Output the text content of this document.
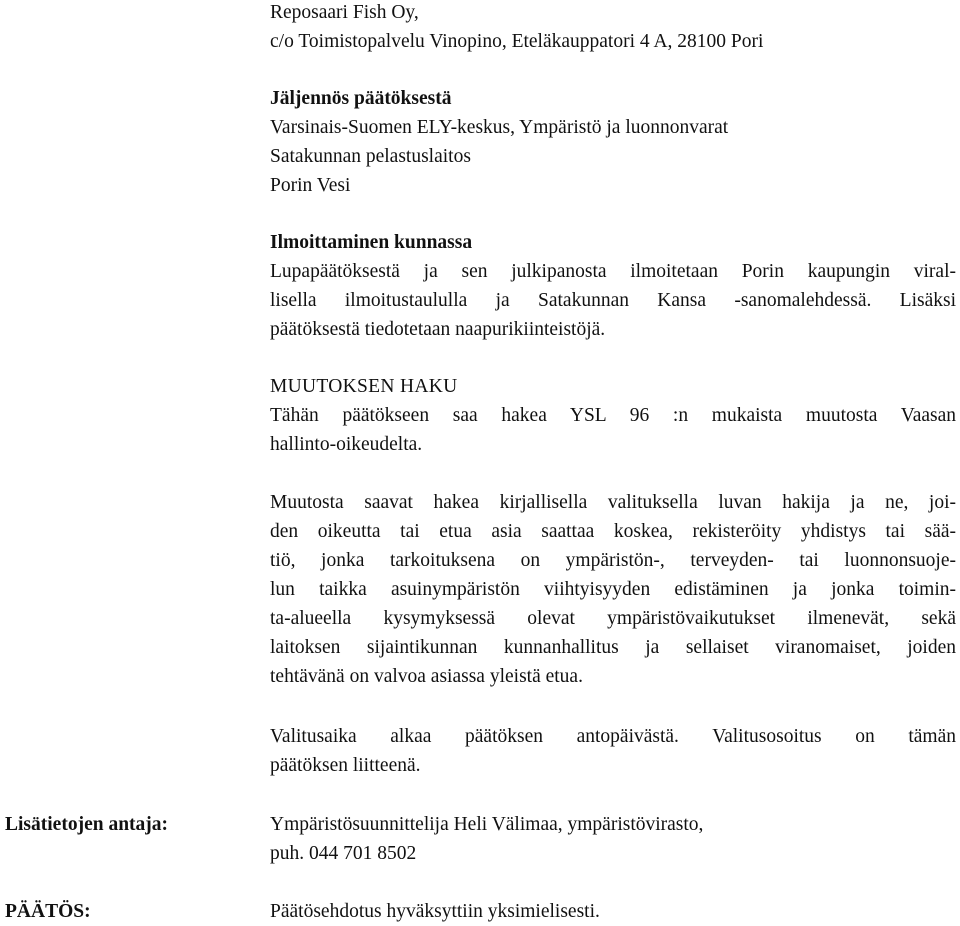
Reposaari Fish Oy,
c/o Toimistopalvelu Vinopino, Eteläkauppatori 4 A, 28100 Pori
Jäljennös päätöksestä
Varsinais-Suomen ELY-keskus, Ympäristö ja luonnonvarat
Satakunnan pelastuslaitos
Porin Vesi
Ilmoittaminen kunnassa
Lupapäätöksestä ja sen julkipanosta ilmoitetaan Porin kaupungin viral-
lisella ilmoitustaululla ja Satakunnan Kansa -sanomalehdessä. Lisäksi
päätöksestä tiedotetaan naapurikiinteistöjä.
MUUTOKSEN HAKU
Tähän päätökseen saa hakea YSL 96 :n mukaista muutosta Vaasan
hallinto-oikeudelta.
Muutosta saavat hakea kirjallisella valituksella luvan hakija ja ne, joi-
den oikeutta tai etua asia saattaa koskea, rekisteröity yhdistys tai sää-
tiö, jonka tarkoituksena on ympäristön-, terveyden- tai luonnonsuoje-
lun taikka asuinympäristön viihtyisyyden edistäminen ja jonka toimin-
ta-alueella kysymyksessä olevat ympäristövaikutukset ilmenevät, sekä
laitoksen sijaintikunnan kunnanhallitus ja sellaiset viranomaiset, joiden
tehtävänä on valvoa asiassa yleistä etua.
Valitusaika alkaa päätöksen antopäivästä. Valitusosoitus on tämän
päätöksen liitteenä.
Lisätietojen antaja:	Ympäristösuunnittelija Heli Välimaa, ympäristövirasto,
puh. 044 701 8502
PÄÄTÖS:	Päätösehdotus hyväksyttiin yksimielisesti.
